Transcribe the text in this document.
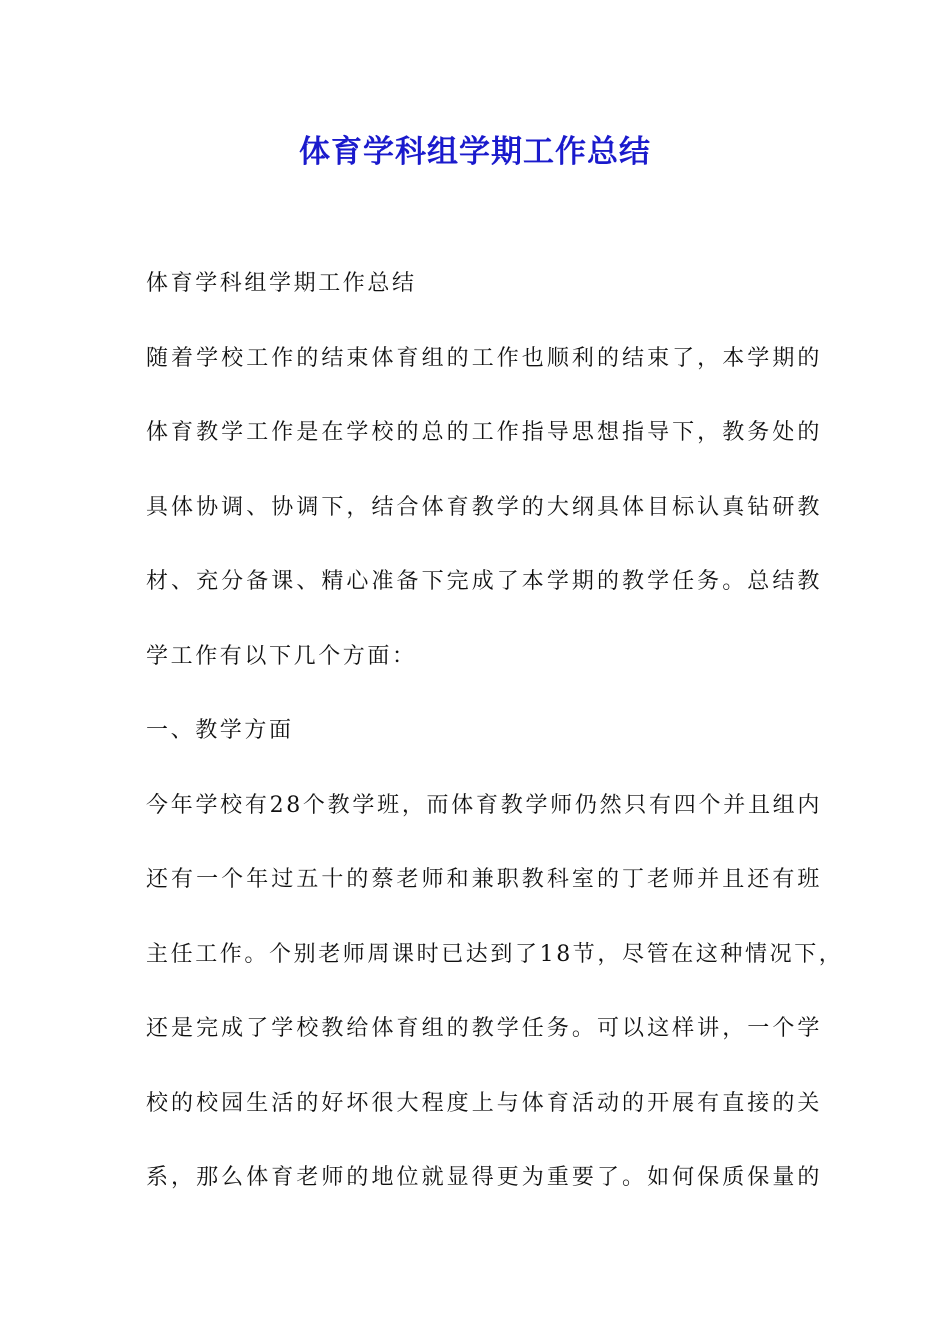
体育学科组学期工作总结
体育学科组学期工作总结
随着学校工作的结束体育组的工作也顺利的结束了，本学期的
体育教学工作是在学校的总的工作指导思想指导下，教务处的
具体协调、协调下，结合体育教学的大纲具体目标认真钻研教
材、充分备课、精心准备下完成了本学期的教学任务。总结教
学工作有以下几个方面：
一、教学方面
今年学校有28个教学班，而体育教学师仍然只有四个并且组内
还有一个年过五十的蔡老师和兼职教科室的丁老师并且还有班
主任工作。个别老师周课时已达到了18节，尽管在这种情况下，
还是完成了学校教给体育组的教学任务。可以这样讲，一个学
校的校园生活的好坏很大程度上与体育活动的开展有直接的关
系，那么体育老师的地位就显得更为重要了。如何保质保量的
